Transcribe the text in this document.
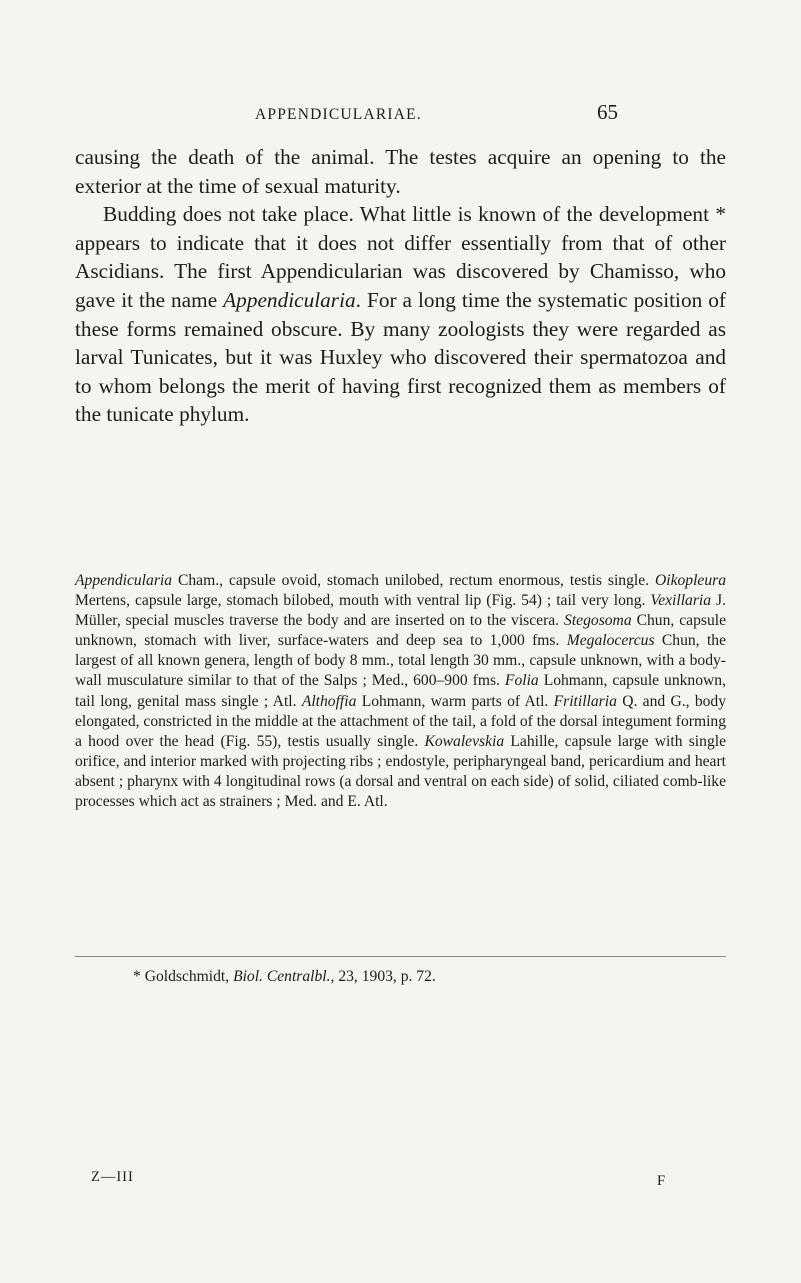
APPENDICULARIAE.	65

causing the death of the animal. The testes acquire an opening to the exterior at the time of sexual maturity.

Budding does not take place. What little is known of the development * appears to indicate that it does not differ essentially from that of other Ascidians. The first Appendicularian was discovered by Chamisso, who gave it the name Appendicularia. For a long time the systematic position of these forms remained obscure. By many zoologists they were regarded as larval Tunicates, but it was Huxley who discovered their spermatozoa and to whom belongs the merit of having first recognized them as members of the tunicate phylum.

Appendicularia Cham., capsule ovoid, stomach unilobed, rectum enormous, testis single. Oikopleura Mertens, capsule large, stomach bilobed, mouth with ventral lip (Fig. 54) ; tail very long. Vexillaria J. Müller, special muscles traverse the body and are inserted on to the viscera. Stegosoma Chun, capsule unknown, stomach with liver, surface-waters and deep sea to 1,000 fms. Megalocercus Chun, the largest of all known genera, length of body 8 mm., total length 30 mm., capsule unknown, with a body-wall musculature similar to that of the Salps ; Med., 600–900 fms. Folia Lohmann, capsule unknown, tail long, genital mass single ; Atl. Althoffia Lohmann, warm parts of Atl. Fritillaria Q. and G., body elongated, constricted in the middle at the attachment of the tail, a fold of the dorsal integument forming a hood over the head (Fig. 55), testis usually single. Kowalevskia Lahille, capsule large with single orifice, and interior marked with projecting ribs ; endostyle, peripharyngeal band, pericardium and heart absent ; pharynx with 4 longitudinal rows (a dorsal and ventral on each side) of solid, ciliated comb-like processes which act as strainers ; Med. and E. Atl.

* Goldschmidt, Biol. Centralbl., 23, 1903, p. 72.

Z—III	F
